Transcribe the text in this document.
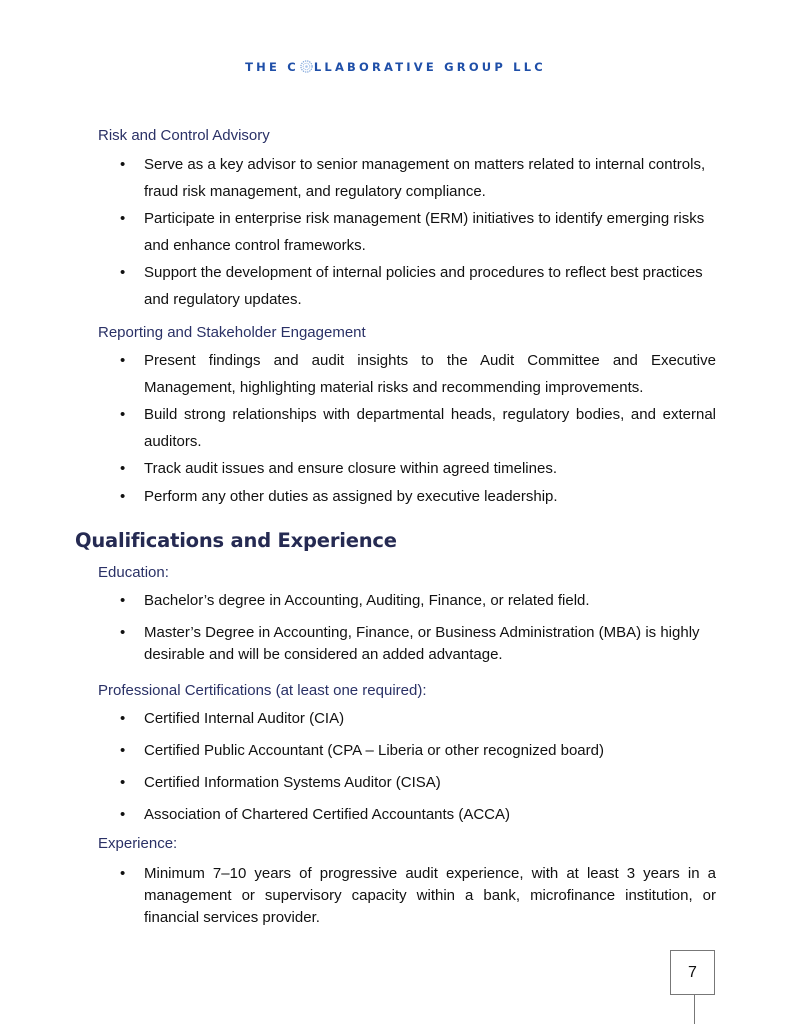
THE C LLABORATIVE GROUP LLC
Risk and Control Advisory

• Serve as a key advisor to senior management on matters related to internal controls, fraud risk management, and regulatory compliance.

• Participate in enterprise risk management (ERM) initiatives to identify emerging risks and enhance control frameworks.

• Support the development of internal policies and procedures to reflect best practices and regulatory updates.

Reporting and Stakeholder Engagement

• Present findings and audit insights to the Audit Committee and Executive Management, highlighting material risks and recommending improvements.

• Build strong relationships with departmental heads, regulatory bodies, and external auditors.

• Track audit issues and ensure closure within agreed timelines.

• Perform any other duties as assigned by executive leadership.

Qualifications and Experience
Education:

• Bachelor’s degree in Accounting, Auditing, Finance, or related field.

• Master’s Degree in Accounting, Finance, or Business Administration (MBA) is highly desirable and will be considered an added advantage.

Professional Certifications (at least one required):

• Certified Internal Auditor (CIA)

• Certified Public Accountant (CPA – Liberia or other recognized board)

• Certified Information Systems Auditor (CISA)

• Association of Chartered Certified Accountants (ACCA)

Experience:

• Minimum 7–10 years of progressive audit experience, with at least 3 years in a management or supervisory capacity within a bank, microfinance institution, or financial services provider.

7
